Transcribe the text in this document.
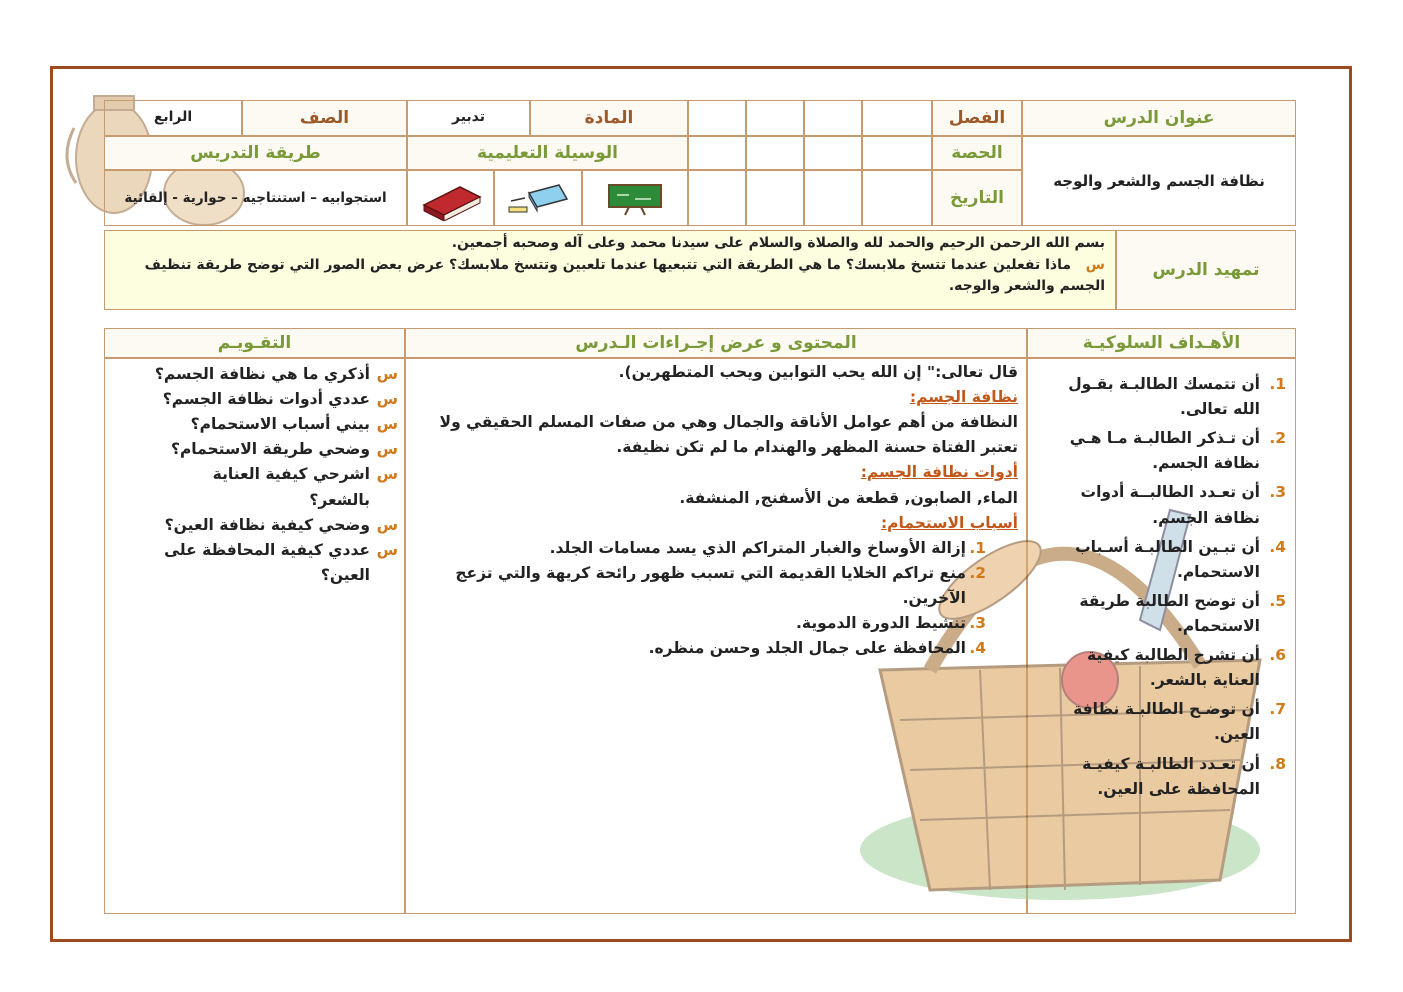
عنوان الدرس
الفصل
المادة
تدبير
الصف
الرابع
نظافة الجسم والشعر والوجه
الحصة
الوسيلة التعليمية
طريقة التدريس
التاريخ
استجوابيه – استنتاجيه – حوارية - إلقائية
تمهيد الدرس
بسم الله الرحمن الرحيم والحمد لله والصلاة والسلام على سيدنا محمد وعلى آله وصحبه أجمعين.
س   ماذا تفعلين عندما تتسخ ملابسك؟ ما هي الطريقة التي تتبعيها عندما تلعبين وتتسخ ملابسك؟ عرض بعض الصور التي توضح طريقة تنظيف الجسم والشعر والوجه.
الأهـداف السلوكيـة
المحتوى و عرض إجـراءات الـدرس
التقـويـم
1.
أن تتمسك الطالبـة بقـول الله تعالى.
2.
أن تـذكر الطالبـة مـا هـي نظافة الجسم.
3.
أن تعـدد الطالبــة أدوات نظافة الجسم.
4.
أن تبـين الطالبـة أسـباب الاستحمام.
5.
أن توضح الطالبة طريقة الاستحمام.
6.
أن تشرح الطالبة كيفية العناية بالشعر.
7.
أن توضـح الطالبـة نظافة العين.
8.
أن تعـدد الطالبـة كيفيـة المحافظة على العين.
قال تعالى:" إن الله يحب التوابين ويحب المتطهرين).
نظافة الجسم:
النظافة من أهم عوامل الأناقة والجمال وهي من صفات المسلم الحقيقي ولا تعتبر الفتاة حسنة المظهر والهندام ما لم تكن نظيفة.
أدوات نظافة الجسم:
الماء, الصابون, قطعة من الأسفنج, المنشفة.
أسباب الاستحمام:
1.
إزالة الأوساخ والغبار المتراكم الذي يسد مسامات الجلد.
2.
منع تراكم الخلايا القديمة التي تسبب ظهور رائحة كريهة والتي تزعج الآخرين.
3.
تنشيط الدورة الدموية.
4.
المحافظة على جمال الجلد وحسن منظره.
س
أذكري ما هي نظافة الجسم؟
س
عددي أدوات نظافة الجسم؟
س
بيني أسباب الاستحمام؟
س
وضحي طريقة الاستحمام؟
س
اشرحي كيفية العناية بالشعر؟
س
وضحي كيفية نظافة العين؟
س
عددي كيفية المحافظة على العين؟
